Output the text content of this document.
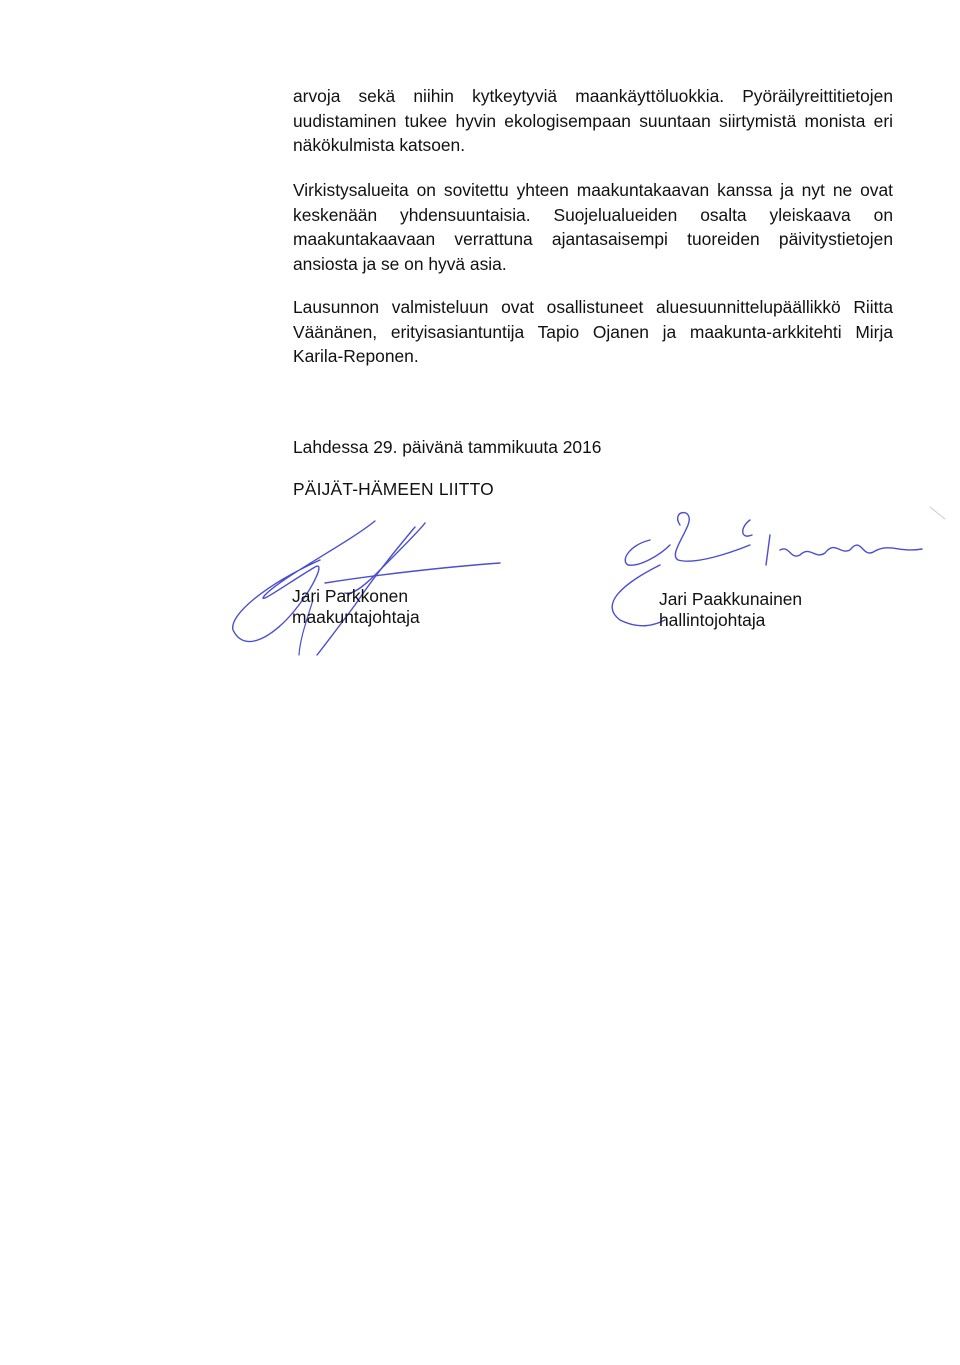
arvoja sekä niihin kytkeytyviä maankäyttöluokkia. Pyöräilyreittitietojen uudistaminen tukee hyvin ekologisempaan suuntaan siirtymistä monista eri näkökulmista katsoen.

Virkistysalueita on sovitettu yhteen maakuntakaavan kanssa ja nyt ne ovat keskenään yhdensuuntaisia. Suojelualueiden osalta yleiskaava on maakuntakaavaan verrattuna ajantasaisempi tuoreiden päivitystietojen ansiosta ja se on hyvä asia.

Lausunnon valmisteluun ovat osallistuneet aluesuunnittelupäällikkö Riitta Väänänen, erityisasiantuntija Tapio Ojanen ja maakunta-arkkitehti Mirja Karila-Reponen.

Lahdessa 29. päivänä tammikuuta 2016
PÄIJÄT-HÄMEEN LIITTO
Jari Parkkonen
maakuntajohtaja
Jari Paakkunainen
hallintojohtaja
